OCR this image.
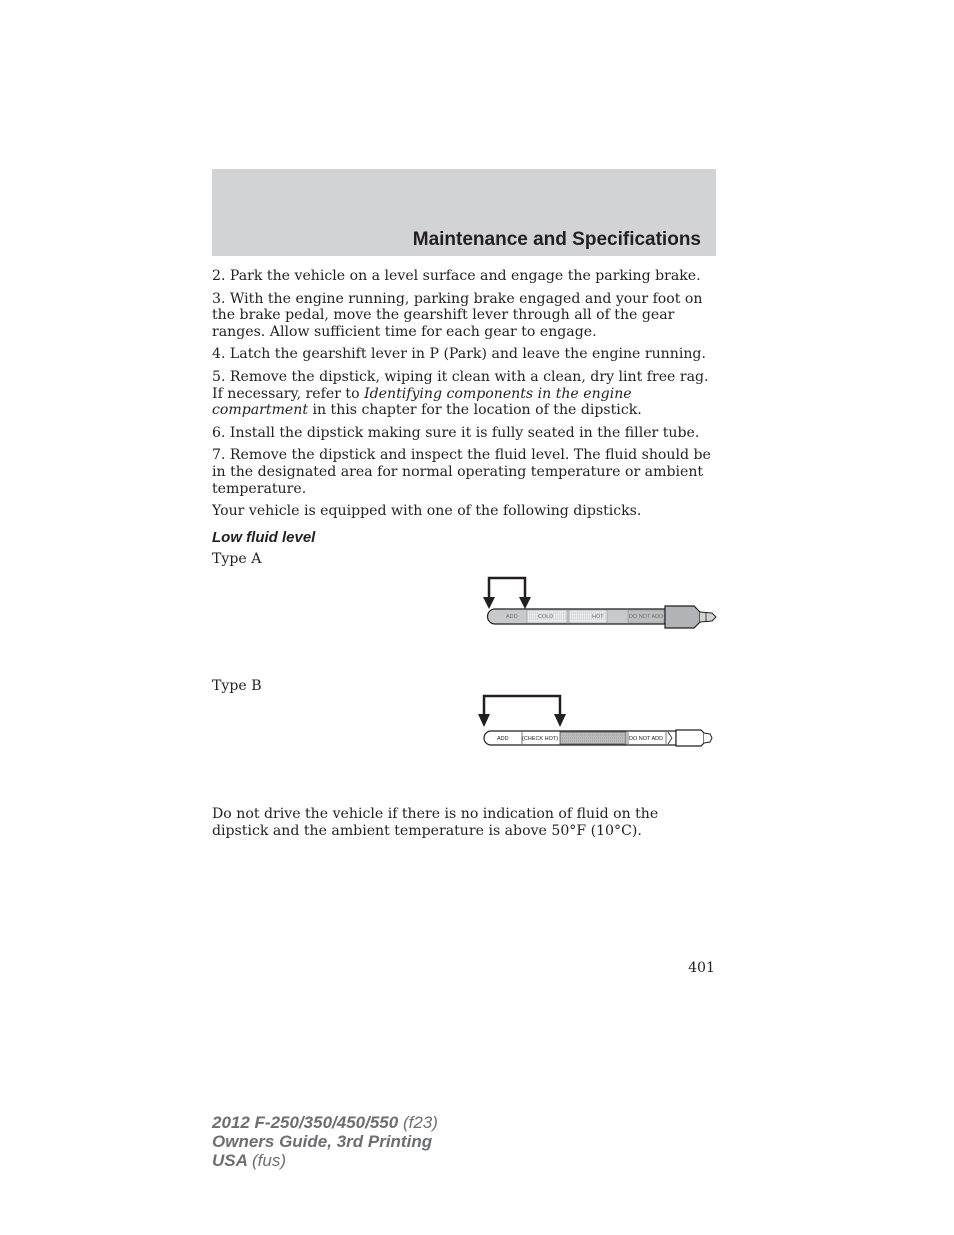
Maintenance and Specifications

2. Park the vehicle on a level surface and engage the parking brake.

3. With the engine running, parking brake engaged and your foot on the brake pedal, move the gearshift lever through all of the gear ranges. Allow sufficient time for each gear to engage.

4. Latch the gearshift lever in P (Park) and leave the engine running.

5. Remove the dipstick, wiping it clean with a clean, dry lint free rag. If necessary, refer to Identifying components in the engine compartment in this chapter for the location of the dipstick.

6. Install the dipstick making sure it is fully seated in the filler tube.

7. Remove the dipstick and inspect the fluid level. The fluid should be in the designated area for normal operating temperature or ambient temperature.

Your vehicle is equipped with one of the following dipsticks.

Low fluid level

Type A

Type B

ADD	COLD	HOT	DO NOT ADD
ADD (CHECK HOT)	DO NOT ADD

Do not drive the vehicle if there is no indication of fluid on the dipstick and the ambient temperature is above 50°F (10°C).

401
2012 F-250/350/450/550 (f23)
Owners Guide, 3rd Printing
USA (fus)
